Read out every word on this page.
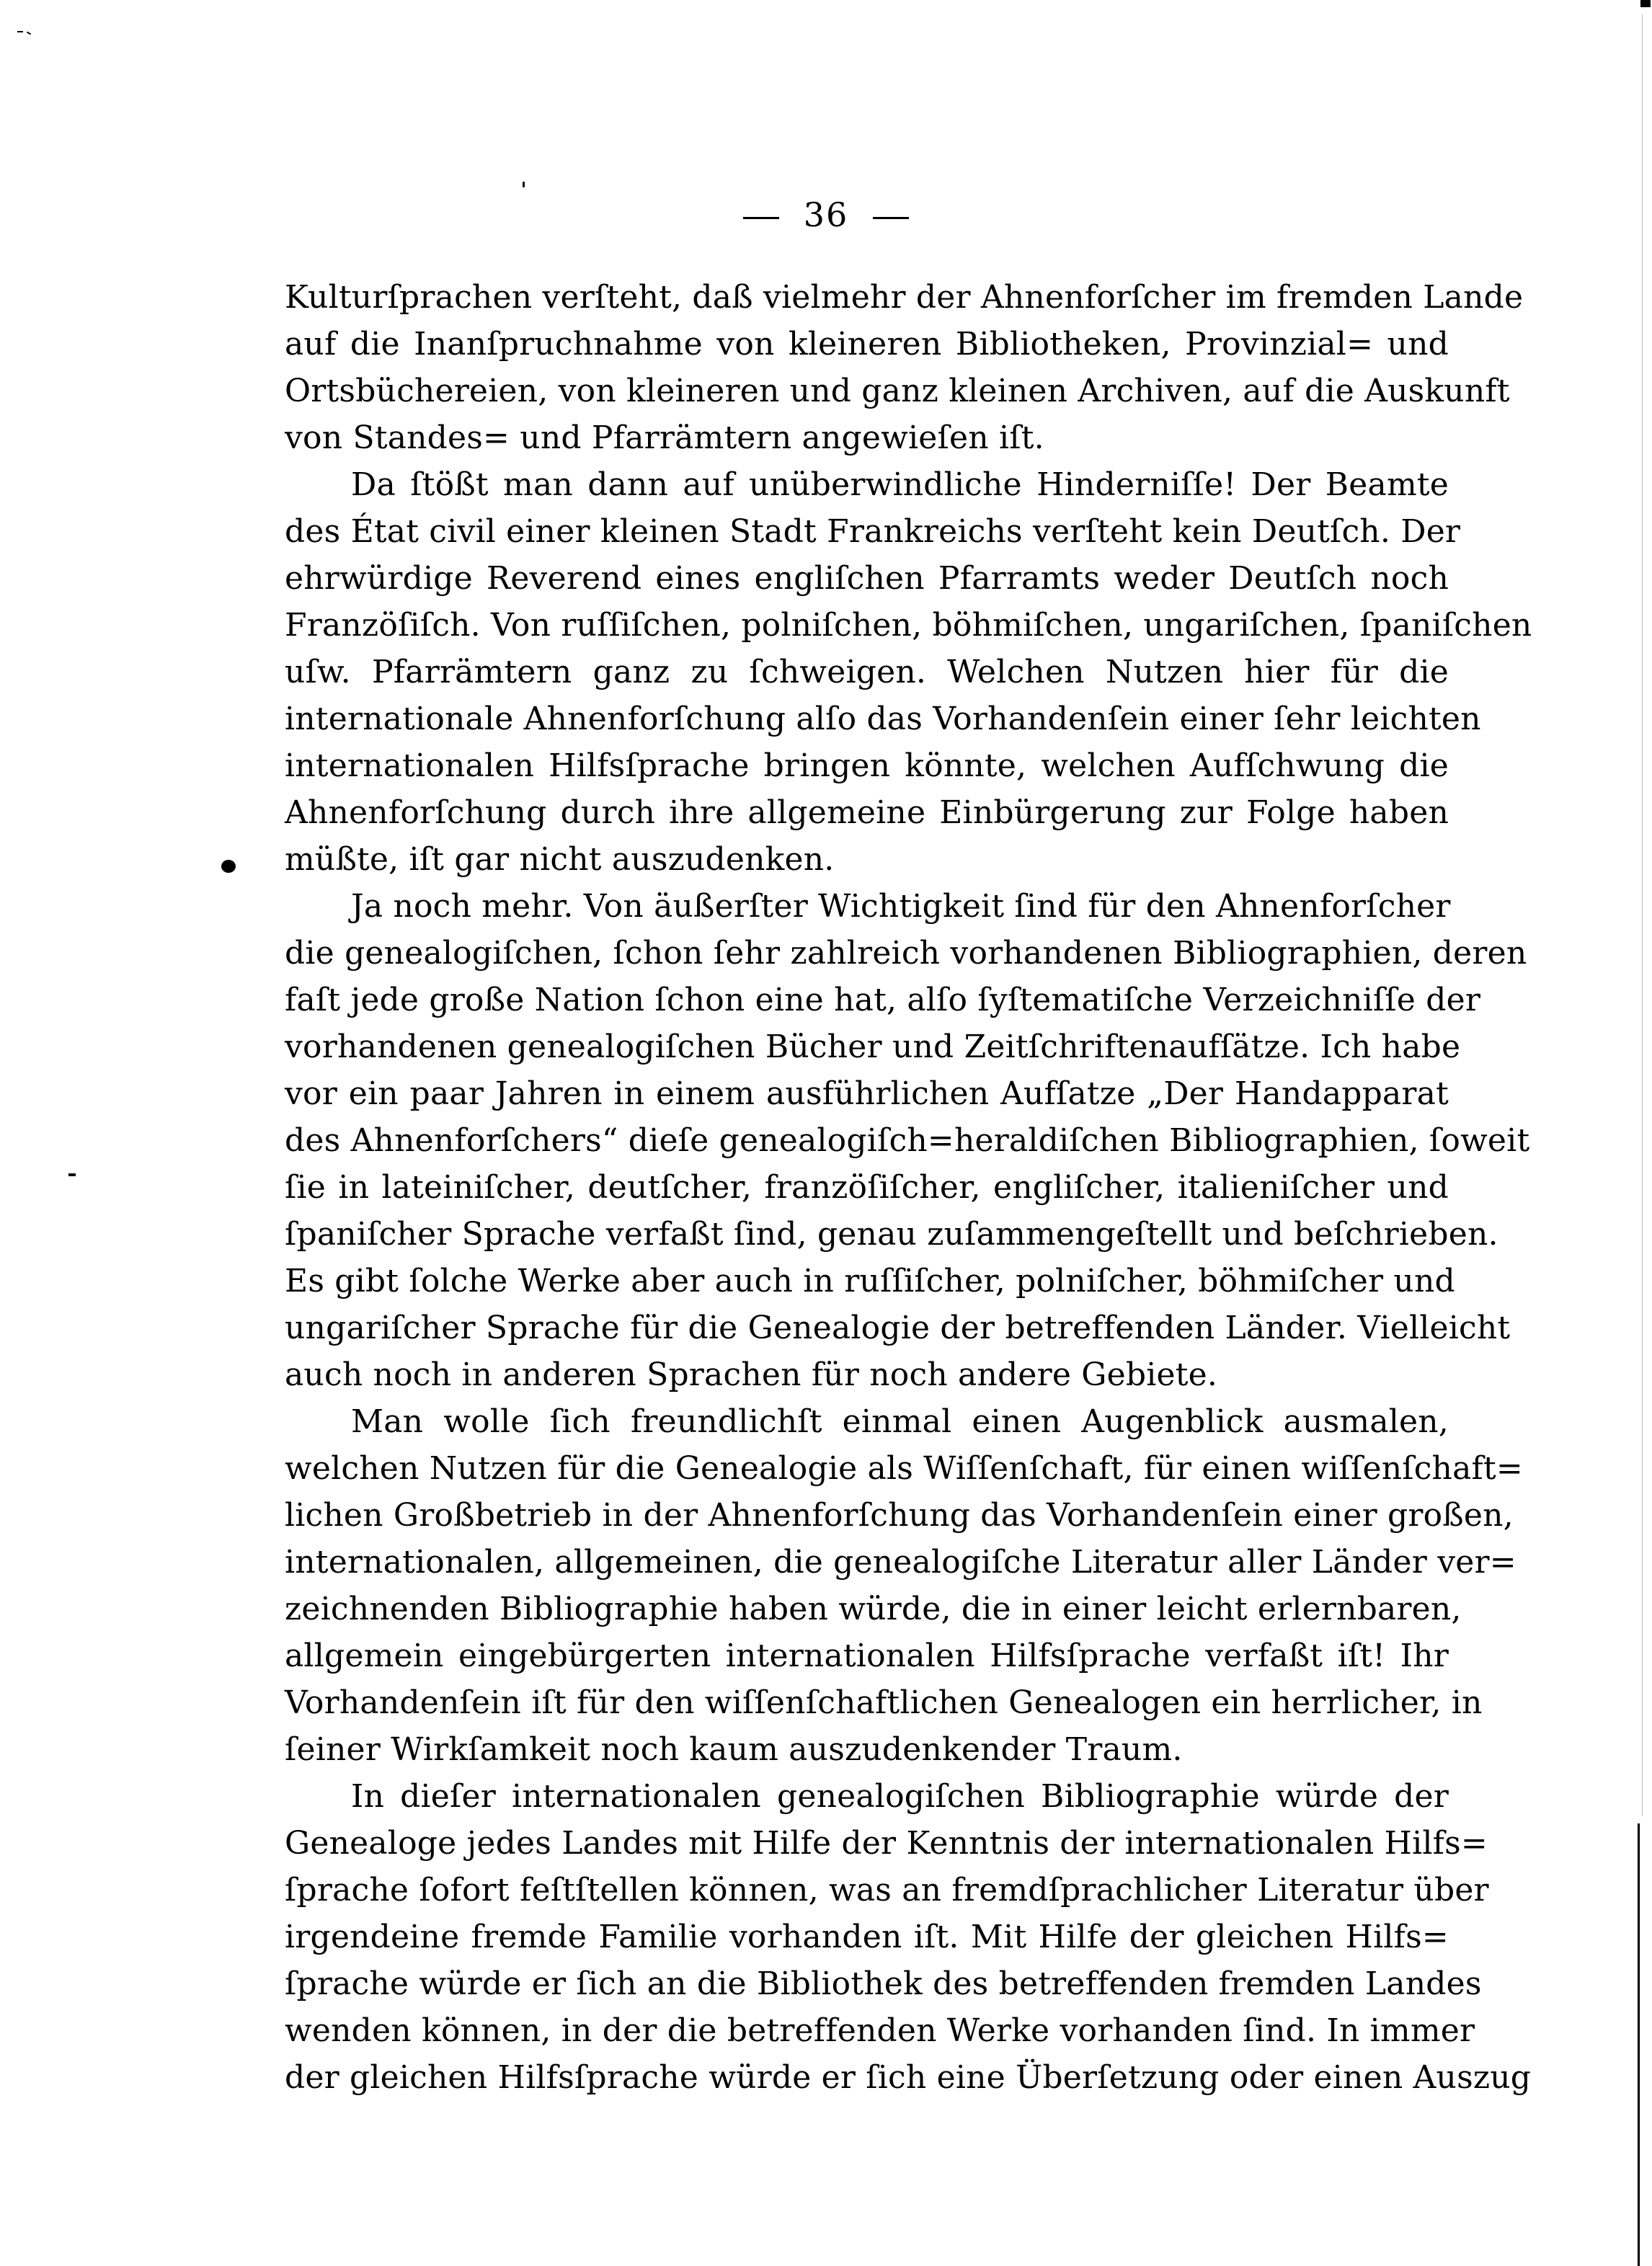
36
Kulturſprachen verſteht, daß vielmehr der Ahnenforſcher im fremden Lande
auf die Inanſpruchnahme von kleineren Bibliotheken, Provinzial= und
Ortsbüchereien, von kleineren und ganz kleinen Archiven, auf die Auskunft
von Standes= und Pfarrämtern angewieſen iſt.
Da ſtößt man dann auf unüberwindliche Hinderniſſe! Der Beamte
des État civil einer kleinen Stadt Frankreichs verſteht kein Deutſch. Der
ehrwürdige Reverend eines engliſchen Pfarramts weder Deutſch noch
Franzöſiſch. Von ruſſiſchen, polniſchen, böhmiſchen, ungariſchen, ſpaniſchen
uſw. Pfarrämtern ganz zu ſchweigen. Welchen Nutzen hier für die
internationale Ahnenforſchung alſo das Vorhandenſein einer ſehr leichten
internationalen Hilfsſprache bringen könnte, welchen Aufſchwung die
Ahnenforſchung durch ihre allgemeine Einbürgerung zur Folge haben
müßte, iſt gar nicht auszudenken.
Ja noch mehr. Von äußerſter Wichtigkeit ſind für den Ahnenforſcher
die genealogiſchen, ſchon ſehr zahlreich vorhandenen Bibliographien, deren
faſt jede große Nation ſchon eine hat, alſo ſyſtematiſche Verzeichniſſe der
vorhandenen genealogiſchen Bücher und Zeitſchriftenaufſätze. Ich habe
vor ein paar Jahren in einem ausführlichen Aufſatze „Der Handapparat
des Ahnenforſchers“ dieſe genealogiſch=heraldiſchen Bibliographien, ſoweit
ſie in lateiniſcher, deutſcher, franzöſiſcher, engliſcher, italieniſcher und
ſpaniſcher Sprache verfaßt ſind, genau zuſammengeſtellt und beſchrieben.
Es gibt ſolche Werke aber auch in ruſſiſcher, polniſcher, böhmiſcher und
ungariſcher Sprache für die Genealogie der betreffenden Länder. Vielleicht
auch noch in anderen Sprachen für noch andere Gebiete.
Man wolle ſich freundlichſt einmal einen Augenblick ausmalen,
welchen Nutzen für die Genealogie als Wiſſenſchaft, für einen wiſſenſchaft=
lichen Großbetrieb in der Ahnenforſchung das Vorhandenſein einer großen,
internationalen, allgemeinen, die genealogiſche Literatur aller Länder ver=
zeichnenden Bibliographie haben würde, die in einer leicht erlernbaren,
allgemein eingebürgerten internationalen Hilfsſprache verfaßt iſt! Ihr
Vorhandenſein iſt für den wiſſenſchaftlichen Genealogen ein herrlicher, in
ſeiner Wirkſamkeit noch kaum auszudenkender Traum.
In dieſer internationalen genealogiſchen Bibliographie würde der
Genealoge jedes Landes mit Hilfe der Kenntnis der internationalen Hilfs=
ſprache ſofort feſtſtellen können, was an fremdſprachlicher Literatur über
irgendeine fremde Familie vorhanden iſt. Mit Hilfe der gleichen Hilfs=
ſprache würde er ſich an die Bibliothek des betreffenden fremden Landes
wenden können, in der die betreffenden Werke vorhanden ſind. In immer
der gleichen Hilfsſprache würde er ſich eine Überſetzung oder einen Auszug
